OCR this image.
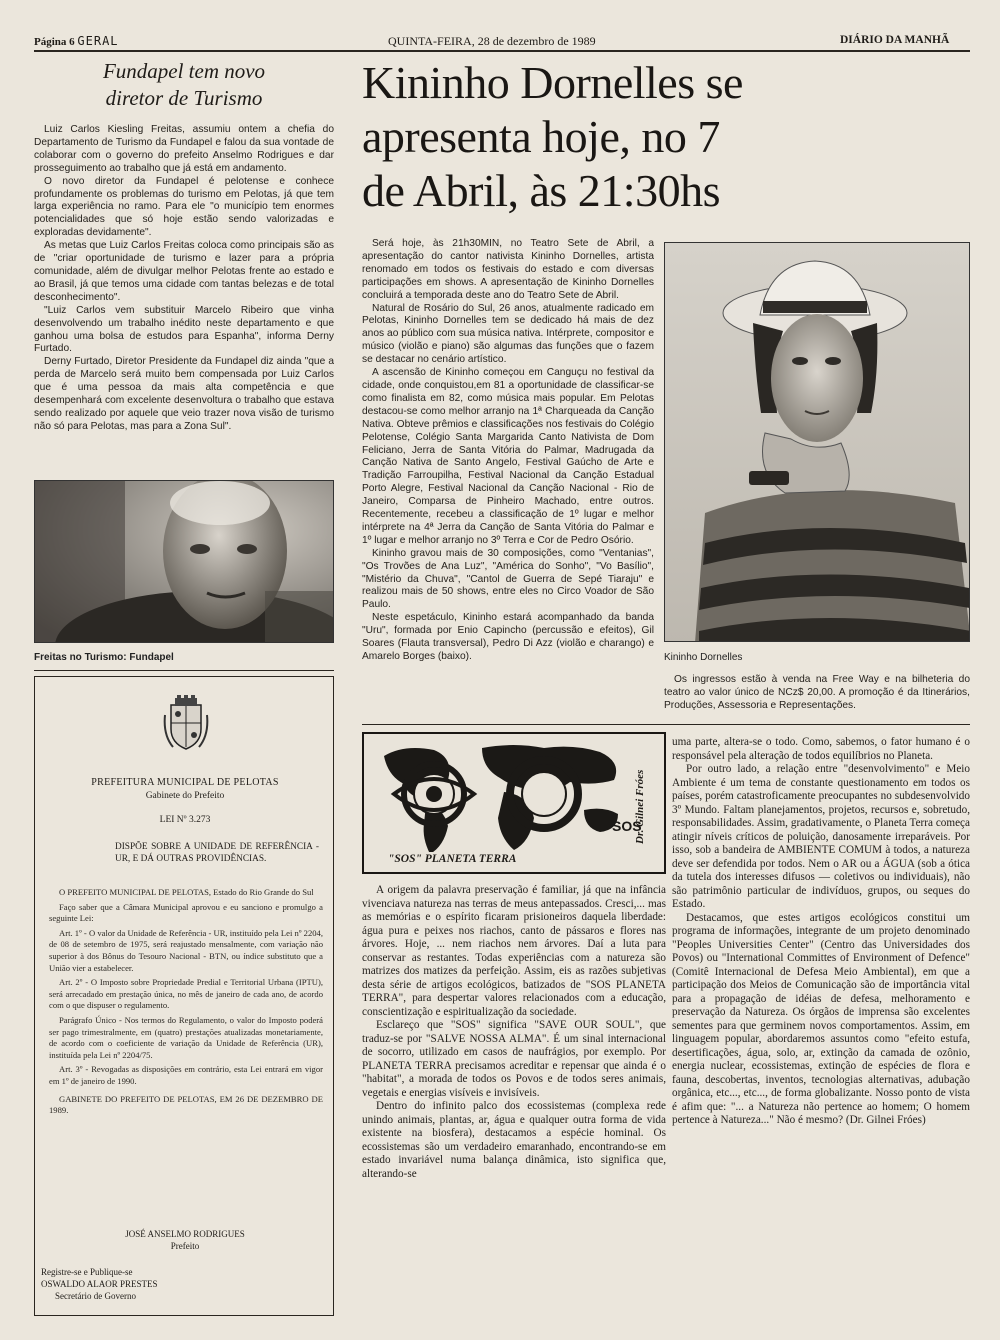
Página 6 GERAL	QUINTA-FEIRA, 28 de dezembro de 1989	DIÁRIO DA MANHÃ
Fundapel tem novo
diretor de Turismo

Luiz Carlos Kiesling Freitas, assumiu ontem a chefia do Departamento de Turismo da Fundapel e falou da sua vontade de colaborar com o governo do prefeito Anselmo Rodrigues e dar prosseguimento ao trabalho que já está em andamento.

O novo diretor da Fundapel é pelotense e conhece profundamente os problemas do turismo em Pelotas, já que tem larga experiência no ramo. Para ele "o município tem enormes potencialidades que só hoje estão sendo valorizadas e exploradas devidamente".

As metas que Luiz Carlos Freitas coloca como principais são as de "criar oportunidade de turismo e lazer para a própria comunidade, além de divulgar melhor Pelotas frente ao estado e ao Brasil, já que temos uma cidade com tantas belezas e de total desconhecimento".

"Luiz Carlos vem substituir Marcelo Ribeiro que vinha desenvolvendo um trabalho inédito neste departamento e que ganhou uma bolsa de estudos para Espanha", informa Derny Furtado.

Derny Furtado, Diretor Presidente da Fundapel diz ainda "que a perda de Marcelo será muito bem compensada por Luiz Carlos que é uma pessoa da mais alta competência e que desempenhará com excelente desenvoltura o trabalho que estava sendo realizado por aquele que veio trazer nova visão de turismo não só para Pelotas, mas para a Zona Sul".

Freitas no Turismo: Fundapel
PREFEITURA MUNICIPAL DE PELOTAS
Gabinete do Prefeito
LEI Nº 3.273
DISPÕE SOBRE A UNIDADE DE REFERÊNCIA - UR, E DÁ OUTRAS PROVIDÊNCIAS.

O PREFEITO MUNICIPAL DE PELOTAS, Estado do Rio Grande do Sul

Faço saber que a Câmara Municipal aprovou e eu sanciono e promulgo a seguinte Lei:

Art. 1º - O valor da Unidade de Referência - UR, instituído pela Lei nº 2204, de 08 de setembro de 1975, será reajustado mensalmente, com variação não superior à dos Bônus do Tesouro Nacional - BTN, ou índice substituto que a União vier a estabelecer.

Art. 2º - O Imposto sobre Propriedade Predial e Territorial Urbana (IPTU), será arrecadado em prestação única, no mês de janeiro de cada ano, de acordo com o que dispuser o regulamento.

Parágrafo Único - Nos termos do Regulamento, o valor do Imposto poderá ser pago trimestralmente, em (quatro) prestações atualizadas monetariamente, de acordo com o coeficiente de variação da Unidade de Referência (UR), instituída pela Lei nº 2204/75.

Art. 3º - Revogadas as disposições em contrário, esta Lei entrará em vigor em 1º de janeiro de 1990.

GABINETE DO PREFEITO DE PELOTAS, EM 26 DE DEZEMBRO DE 1989.

JOSÉ ANSELMO RODRIGUES
Prefeito
Registre-se e Publique-se
OSWALDO ALAOR PRESTES
Secretário de Governo
Kininho Dornelles se
apresenta hoje, no 7
de Abril, às 21:30hs

Será hoje, às 21h30MIN, no Teatro Sete de Abril, a apresentação do cantor nativista Kininho Dornelles, artista renomado em todos os festivais do estado e com diversas participações em shows. A apresentação de Kininho Dornelles concluirá a temporada deste ano do Teatro Sete de Abril.

Natural de Rosário do Sul, 26 anos, atualmente radicado em Pelotas, Kininho Dornelles tem se dedicado há mais de dez anos ao público com sua música nativa. Intérprete, compositor e músico (violão e piano) são algumas das funções que o fazem se destacar no cenário artístico.

A ascensão de Kininho começou em Canguçu no festival da cidade, onde conquistou,em 81 a oportunidade de classificar-se como finalista em 82, como música mais popular. Em Pelotas destacou-se como melhor arranjo na 1ª Charqueada da Canção Nativa. Obteve prêmios e classificações nos festivais do Colégio Pelotense, Colégio Santa Margarida Canto Nativista de Dom Feliciano, Jerra de Santa Vitória do Palmar, Madrugada da Canção Nativa de Santo Angelo, Festival Gaúcho de Arte e Tradição Farroupilha, Festival Nacional da Canção Estadual Porto Alegre, Festival Nacional da Canção Nacional - Rio de Janeiro, Comparsa de Pinheiro Machado, entre outros. Recentemente, recebeu a classificação de 1º lugar e melhor intérprete na 4ª Jerra da Canção de Santa Vitória do Palmar e 1º lugar e melhor arranjo no 3º Terra e Cor de Pedro Osório.

Kininho gravou mais de 30 composições, como "Ventanias", "Os Trovões de Ana Luz", "América do Sonho", "Vo Basílio", "Mistério da Chuva", "Cantol de Guerra de Sepé Tiaraju" e realizou mais de 50 shows, entre eles no Circo Voador de São Paulo.

Neste espetáculo, Kininho estará acompanhado da banda "Uru", formada por Enio Capincho (percussão e efeitos), Gil Soares (Flauta transversal), Pedro Di Azz (violão e charango) e Amarelo Borges (baixo).	Kininho Dornelles
Os ingressos estão à venda na Free Way e na bilheteria do teatro ao valor único de NCz$ 20,00. A promoção é da Itinerários, Produções, Assessoria e Representações.
SOS
"SOS" PLANETA TERRA
Dr. Gilnei Fróes

A origem da palavra preservação é familiar, já que na infância vivenciava natureza nas terras de meus antepassados. Cresci,... mas as memórias e o espírito ficaram prisioneiros daquela liberdade: água pura e peixes nos riachos, canto de pássaros e flores nas árvores. Hoje, ... nem riachos nem árvores. Daí a luta para conservar as restantes. Todas experiências com a natureza são matrizes dos matizes da perfeição. Assim, eis as razões subjetivas desta série de artigos ecológicos, batizados de "SOS PLANETA TERRA", para despertar valores relacionados com a educação, conscientização e espiritualização da sociedade.

Esclareço que "SOS" significa "SAVE OUR SOUL", que traduz-se por "SALVE NOSSA ALMA". É um sinal internacional de socorro, utilizado em casos de naufrágios, por exemplo. Por PLANETA TERRA precisamos acreditar e repensar que ainda é o "habitat", a morada de todos os Povos e de todos seres animais, vegetais e energias visíveis e invisíveis.

Dentro do infinito palco dos ecossistemas (complexa rede unindo animais, plantas, ar, água e qualquer outra forma de vida existente na biosfera), destacamos a espécie hominal. Os ecossistemas são um verdadeiro emaranhado, encontrando-se em estado invariável numa balança dinâmica, isto significa que, alterando-se

uma parte, altera-se o todo. Como, sabemos, o fator humano é o responsável pela alteração de todos equilíbrios no Planeta.

Por outro lado, a relação entre "desenvolvimento" e Meio Ambiente é um tema de constante questionamento em todos os países, porém catastroficamente preocupantes no subdesenvolvido 3º Mundo. Faltam planejamentos, projetos, recursos e, sobretudo, responsabilidades. Assim, gradativamente, o Planeta Terra começa atingir níveis críticos de poluição, danosamente irreparáveis. Por isso, sob a bandeira de AMBIENTE COMUM à todos, a natureza deve ser defendida por todos. Nem o AR ou a ÁGUA (sob a ótica da tutela dos interesses difusos — coletivos ou individuais), não são patrimônio particular de indivíduos, grupos, ou seques do Estado.

Destacamos, que estes artigos ecológicos constitui um programa de informações, integrante de um projeto denominado "Peoples Universities Center" (Centro das Universidades dos Povos) ou "International Committes of Environment of Defence" (Comitê Internacional de Defesa Meio Ambiental), em que a participação dos Meios de Comunicação são de importância vital para a propagação de idéias de defesa, melhoramento e preservação da Natureza. Os órgãos de imprensa são excelentes sementes para que germinem novos comportamentos. Assim, em linguagem popular, abordaremos assuntos como "efeito estufa, desertificações, água, solo, ar, extinção da camada de ozônio, energia nuclear, ecossistemas, extinção de espécies de flora e fauna, descobertas, inventos, tecnologias alternativas, adubação orgânica, etc..., etc..., de forma globalizante. Nosso ponto de vista é afim que: "... a Natureza não pertence ao homem; O homem pertence à Natureza..." Não é mesmo? (Dr. Gilnei Fróes)
